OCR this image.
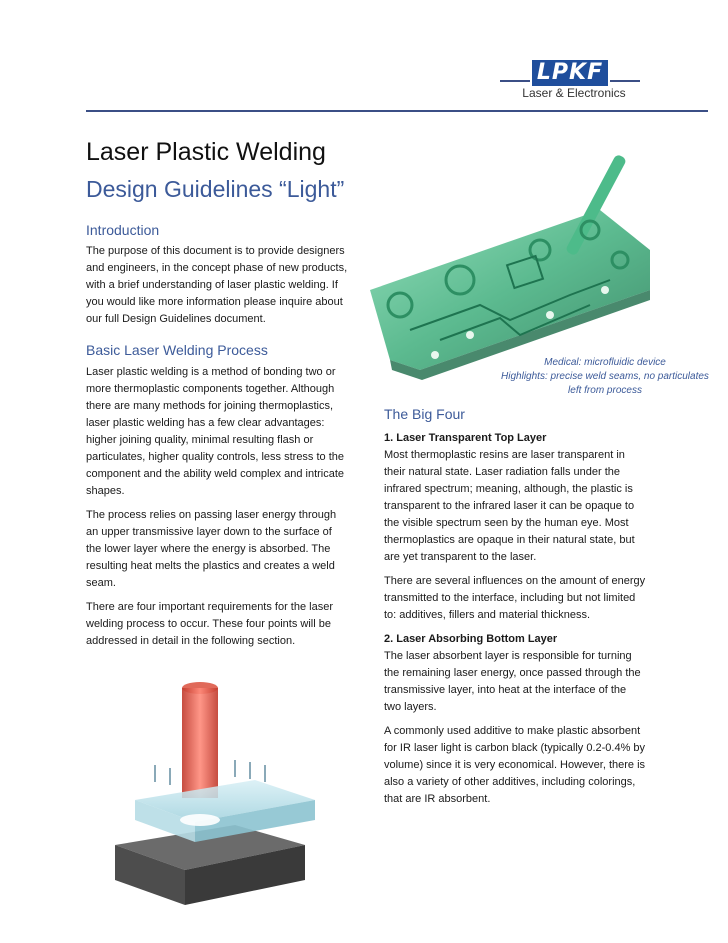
LPKF
Laser & Electronics
Laser Plastic Welding
Design Guidelines “Light”
Medical: microfluidic device
Highlights: precise weld seams, no particulates
left from process
Introduction

The purpose of this document is to provide designers and engineers, in the concept phase of new products, with a brief understanding of laser plastic welding. If you would like more information please inquire about our full Design Guidelines document.

Basic Laser Welding Process

Laser plastic welding is a method of bonding two or more thermoplastic components together. Although there are many methods for joining thermoplastics, laser plastic welding has a few clear advantages: higher joining quality, minimal resulting flash or particulates, higher quality controls, less stress to the component and the ability weld complex and intricate shapes.

The process relies on passing laser energy through an upper transmissive layer down to the surface of the lower layer where the energy is absorbed. The resulting heat melts the plastics and creates a weld seam.

There are four important requirements for the laser welding process to occur. These four points will be addressed in detail in the following section.

The Big Four
1. Laser Transparent Top Layer

Most thermoplastic resins are laser transparent in their natural state. Laser radiation falls under the infrared spectrum; meaning, although, the plastic is transparent to the infrared laser it can be opaque to the visible spectrum seen by the human eye. Most thermoplastics are opaque in their natural state, but are yet transparent to the laser.

There are several influences on the amount of energy transmitted to the interface, including but not limited to: additives, fillers and material thickness.

2. Laser Absorbing Bottom Layer

The laser absorbent layer is responsible for turning the remaining laser energy, once passed through the transmissive layer, into heat at the interface of the two layers.

A commonly used additive to make plastic absorbent for IR laser light is carbon black (typically 0.2-0.4% by volume) since it is very economical. However, there is also a variety of other additives, including colorings, that are IR absorbent.
